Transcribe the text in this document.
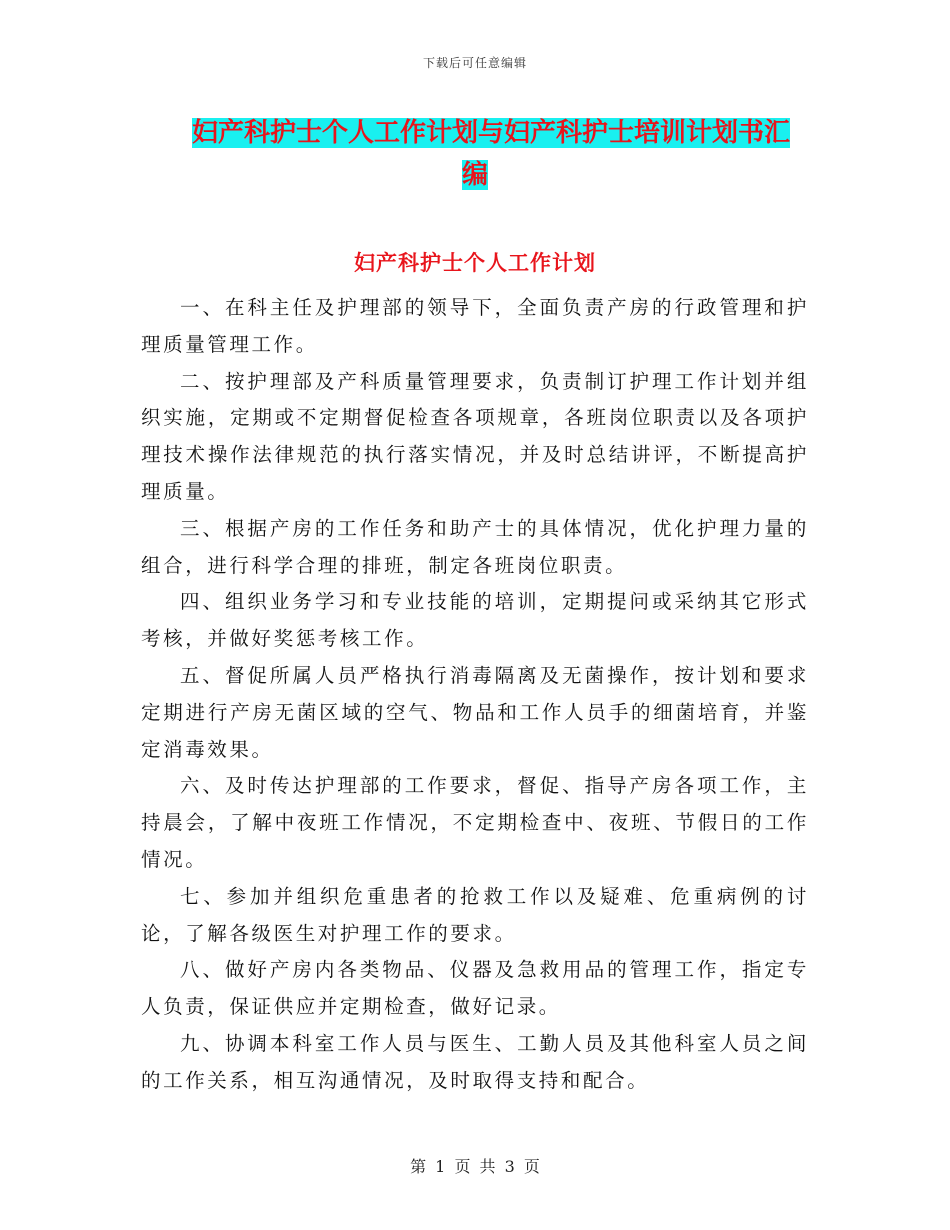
下载后可任意编辑
妇产科护士个人工作计划与妇产科护士培训计划书汇
编
妇产科护士个人工作计划

一、在科主任及护理部的领导下，全面负责产房的行政管理和护理质量管理工作。

二、按护理部及产科质量管理要求，负责制订护理工作计划并组织实施，定期或不定期督促检查各项规章，各班岗位职责以及各项护理技术操作法律规范的执行落实情况，并及时总结讲评，不断提高护理质量。

三、根据产房的工作任务和助产士的具体情况，优化护理力量的组合，进行科学合理的排班，制定各班岗位职责。

四、组织业务学习和专业技能的培训，定期提问或采纳其它形式考核，并做好奖惩考核工作。

五、督促所属人员严格执行消毒隔离及无菌操作，按计划和要求定期进行产房无菌区域的空气、物品和工作人员手的细菌培育，并鉴定消毒效果。

六、及时传达护理部的工作要求，督促、指导产房各项工作，主持晨会，了解中夜班工作情况，不定期检查中、夜班、节假日的工作情况。

七、参加并组织危重患者的抢救工作以及疑难、危重病例的讨论，了解各级医生对护理工作的要求。

八、做好产房内各类物品、仪器及急救用品的管理工作，指定专人负责，保证供应并定期检查，做好记录。

九、协调本科室工作人员与医生、工勤人员及其他科室人员之间的工作关系，相互沟通情况，及时取得支持和配合。

第 1 页 共 3 页
